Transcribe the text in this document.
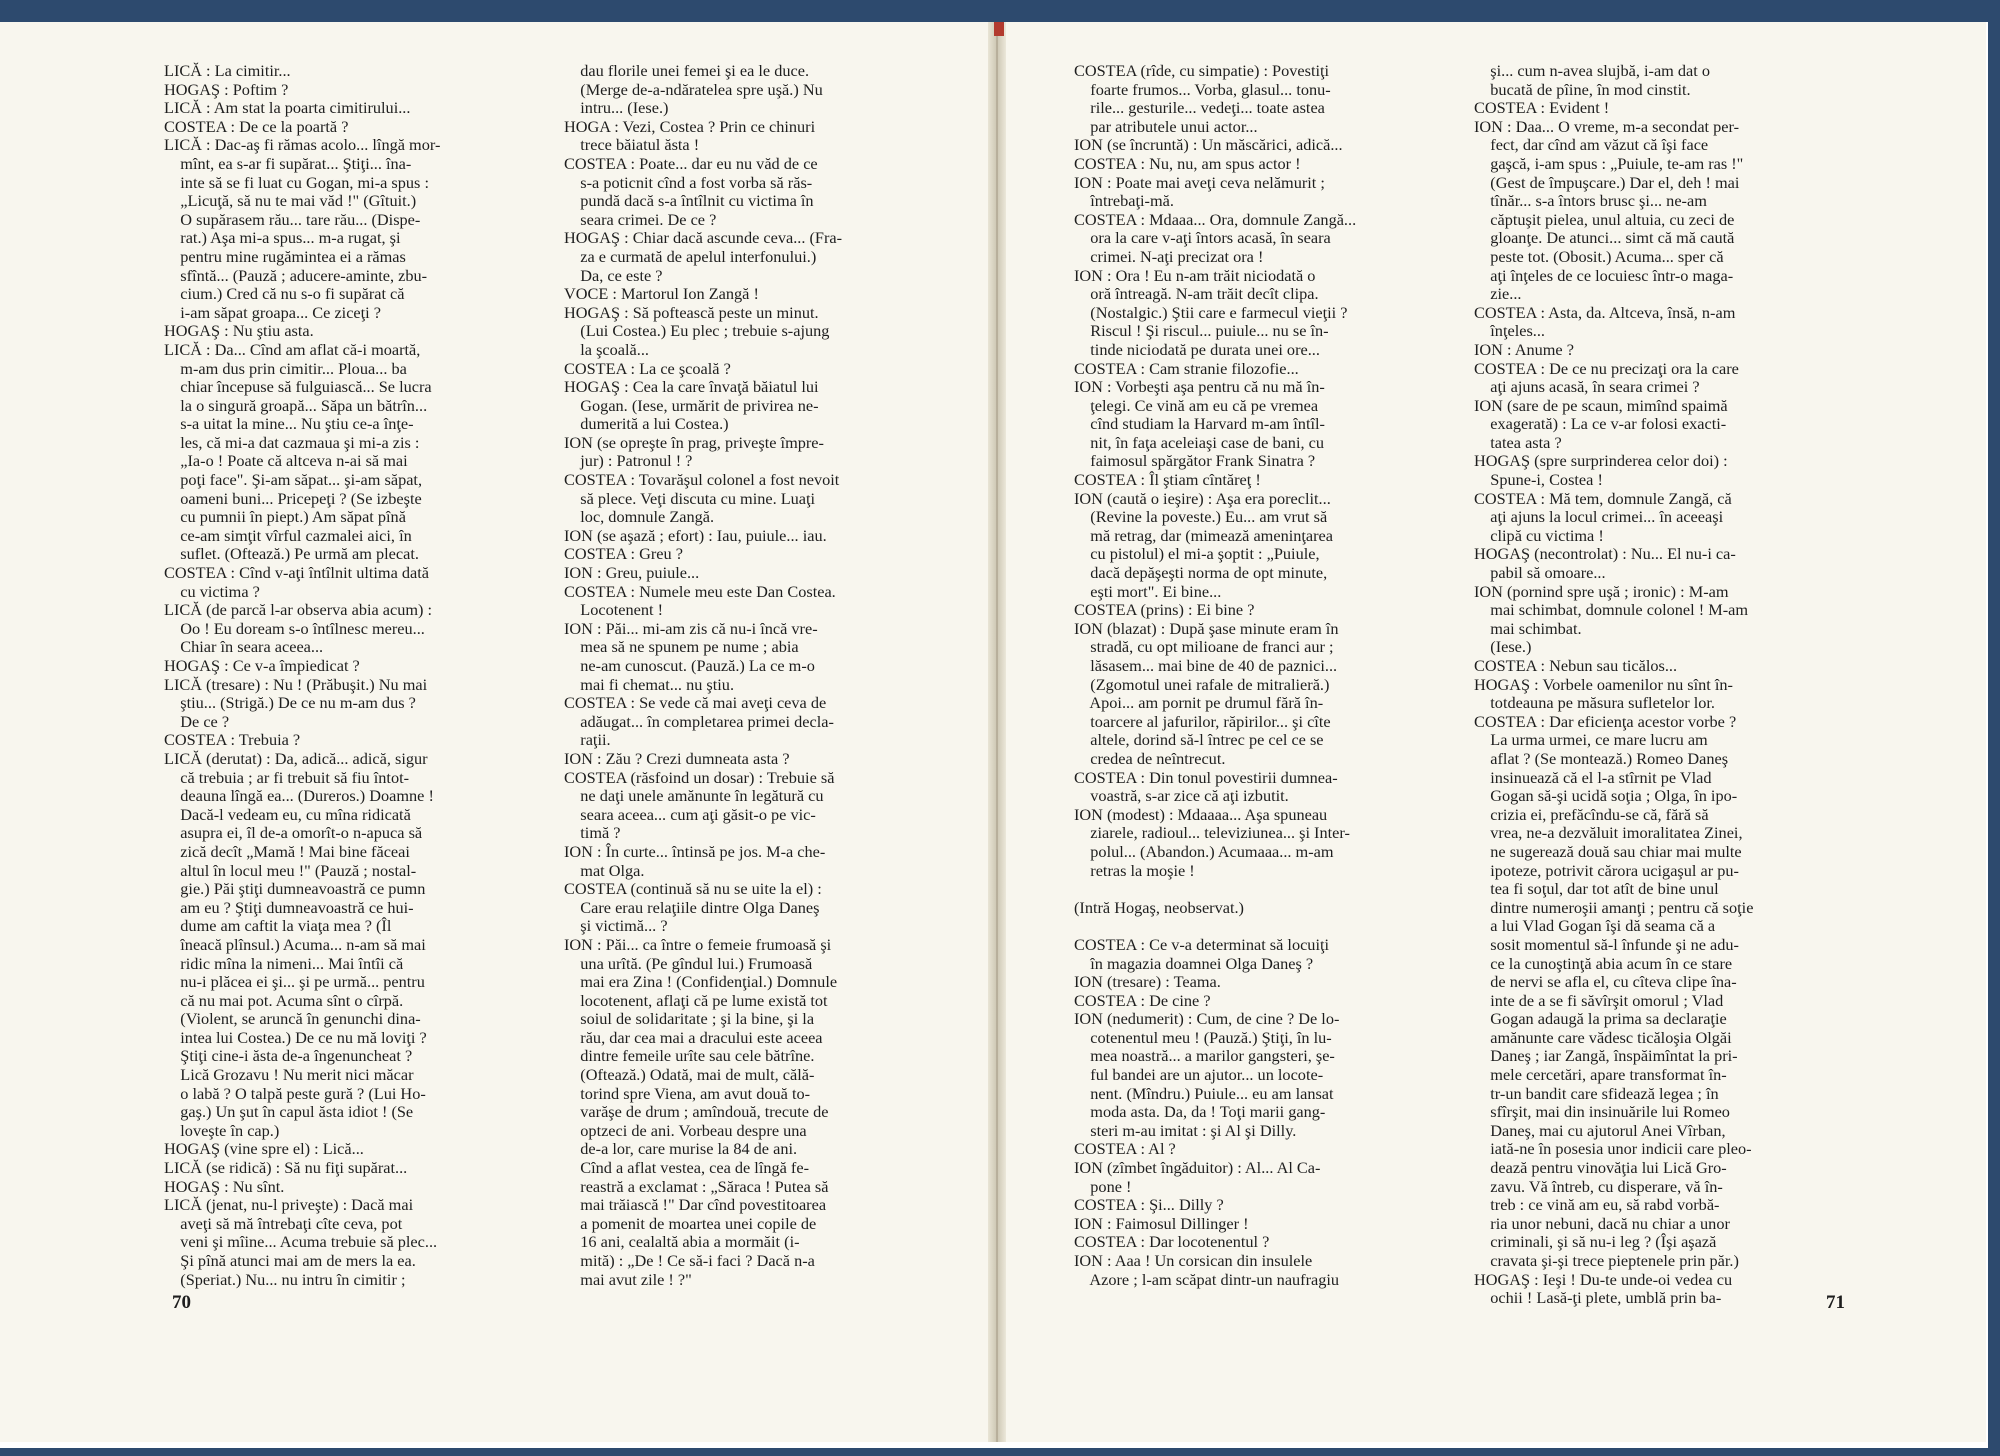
LICĂ : La cimitir...
HOGAŞ : Poftim ?
LICĂ : Am stat la poarta cimitirului...
COSTEA : De ce la poartă ?
LICĂ : Dac-aş fi rămas acolo... lîngă mor-
mînt, ea s-ar fi supărat... Ştiţi... îna-
inte să se fi luat cu Gogan, mi-a spus :
„Licuţă, să nu te mai văd !" (Gîtuit.)
O supărasem rău... tare rău... (Dispe-
rat.) Aşa mi-a spus... m-a rugat, şi
pentru mine rugămintea ei a rămas
sfîntă... (Pauză ; aducere-aminte, zbu-
cium.) Cred că nu s-o fi supărat că
i-am săpat groapa... Ce ziceţi ?
HOGAŞ : Nu ştiu asta.
LICĂ : Da... Cînd am aflat că-i moartă,
m-am dus prin cimitir... Ploua... ba
chiar începuse să fulguiască... Se lucra
la o singură groapă... Săpa un bătrîn...
s-a uitat la mine... Nu ştiu ce-a înţe-
les, că mi-a dat cazmaua şi mi-a zis :
„Ia-o ! Poate că altceva n-ai să mai
poţi face". Şi-am săpat... şi-am săpat,
oameni buni... Pricepeţi ? (Se izbeşte
cu pumnii în piept.) Am săpat pînă
ce-am simţit vîrful cazmalei aici, în
suflet. (Oftează.) Pe urmă am plecat.
COSTEA : Cînd v-aţi întîlnit ultima dată
cu victima ?
LICĂ (de parcă l-ar observa abia acum) :
Oo ! Eu doream s-o întîlnesc mereu...
Chiar în seara aceea...
HOGAŞ : Ce v-a împiedicat ?
LICĂ (tresare) : Nu ! (Prăbuşit.) Nu mai
ştiu... (Strigă.) De ce nu m-am dus ?
De ce ?
COSTEA : Trebuia ?
LICĂ (derutat) : Da, adică... adică, sigur
că trebuia ; ar fi trebuit să fiu întot-
deauna lîngă ea... (Dureros.) Doamne !
Dacă-l vedeam eu, cu mîna ridicată
asupra ei, îl de-a omorît-o n-apuca să
zică decît „Mamă ! Mai bine făceai
altul în locul meu !" (Pauză ; nostal-
gie.) Păi ştiţi dumneavoastră ce pumn
am eu ? Ştiţi dumneavoastră ce hui-
dume am caftit la viaţa mea ? (Îl
îneacă plînsul.) Acuma... n-am să mai
ridic mîna la nimeni... Mai întîi că
nu-i plăcea ei şi... şi pe urmă... pentru
că nu mai pot. Acuma sînt o cîrpă.
(Violent, se aruncă în genunchi dina-
intea lui Costea.) De ce nu mă loviţi ?
Ştiţi cine-i ăsta de-a îngenuncheat ?
Lică Grozavu ! Nu merit nici măcar
o labă ? O talpă peste gură ? (Lui Ho-
gaş.) Un şut în capul ăsta idiot ! (Se
loveşte în cap.)
HOGAŞ (vine spre el) : Lică...
LICĂ (se ridică) : Să nu fiţi supărat...
HOGAŞ : Nu sînt.
LICĂ (jenat, nu-l priveşte) : Dacă mai
aveţi să mă întrebaţi cîte ceva, pot
veni şi mîine... Acuma trebuie să plec...
Şi pînă atunci mai am de mers la ea.
(Speriat.) Nu... nu intru în cimitir ;
dau florile unei femei şi ea le duce.
(Merge de-a-ndăratelea spre uşă.) Nu
intru... (Iese.)
HOGA : Vezi, Costea ? Prin ce chinuri
trece băiatul ăsta !
COSTEA : Poate... dar eu nu văd de ce
s-a poticnit cînd a fost vorba să răs-
pundă dacă s-a întîlnit cu victima în
seara crimei. De ce ?
HOGAŞ : Chiar dacă ascunde ceva... (Fra-
za e curmată de apelul interfonului.)
Da, ce este ?
VOCE : Martorul Ion Zangă !
HOGAŞ : Să poftească peste un minut.
(Lui Costea.) Eu plec ; trebuie s-ajung
la şcoală...
COSTEA : La ce şcoală ?
HOGAŞ : Cea la care învaţă băiatul lui
Gogan. (Iese, urmărit de privirea ne-
dumerită a lui Costea.)
ION (se opreşte în prag, priveşte împre-
jur) : Patronul ! ?
COSTEA : Tovarăşul colonel a fost nevoit
să plece. Veţi discuta cu mine. Luaţi
loc, domnule Zangă.
ION (se aşază ; efort) : Iau, puiule... iau.
COSTEA : Greu ?
ION : Greu, puiule...
COSTEA : Numele meu este Dan Costea.
Locotenent !
ION : Păi... mi-am zis că nu-i încă vre-
mea să ne spunem pe nume ; abia
ne-am cunoscut. (Pauză.) La ce m-o
mai fi chemat... nu ştiu.
COSTEA : Se vede că mai aveţi ceva de
adăugat... în completarea primei decla-
raţii.
ION : Zău ? Crezi dumneata asta ?
COSTEA (răsfoind un dosar) : Trebuie să
ne daţi unele amănunte în legătură cu
seara aceea... cum aţi găsit-o pe vic-
timă ?
ION : În curte... întinsă pe jos. M-a che-
mat Olga.
COSTEA (continuă să nu se uite la el) :
Care erau relaţiile dintre Olga Daneş
şi victimă... ?
ION : Păi... ca între o femeie frumoasă şi
una urîtă. (Pe gîndul lui.) Frumoasă
mai era Zina ! (Confidenţial.) Domnule
locotenent, aflaţi că pe lume există tot
soiul de solidaritate ; şi la bine, şi la
rău, dar cea mai a dracului este aceea
dintre femeile urîte sau cele bătrîne.
(Oftează.) Odată, mai de mult, călă-
torind spre Viena, am avut două to-
varăşe de drum ; amîndouă, trecute de
optzeci de ani. Vorbeau despre una
de-a lor, care murise la 84 de ani.
Cînd a aflat vestea, cea de lîngă fe-
reastră a exclamat : „Săraca ! Putea să
mai trăiască !" Dar cînd povestitoarea
a pomenit de moartea unei copile de
16 ani, cealaltă abia a mormăit (i-
mită) : „De ! Ce să-i faci ? Dacă n-a
mai avut zile ! ?"
COSTEA (rîde, cu simpatie) : Povestiţi
foarte frumos... Vorba, glasul... tonu-
rile... gesturile... vedeţi... toate astea
par atributele unui actor...
ION (se încruntă) : Un măscărici, adică...
COSTEA : Nu, nu, am spus actor !
ION : Poate mai aveţi ceva nelămurit ;
întrebaţi-mă.
COSTEA : Mdaaa... Ora, domnule Zangă...
ora la care v-aţi întors acasă, în seara
crimei. N-aţi precizat ora !
ION : Ora ! Eu n-am trăit niciodată o
oră întreagă. N-am trăit decît clipa.
(Nostalgic.) Ştii care e farmecul vieţii ?
Riscul ! Şi riscul... puiule... nu se în-
tinde niciodată pe durata unei ore...
COSTEA : Cam stranie filozofie...
ION : Vorbeşti aşa pentru că nu mă în-
ţelegi. Ce vină am eu că pe vremea
cînd studiam la Harvard m-am întîl-
nit, în faţa aceleiaşi case de bani, cu
faimosul spărgător Frank Sinatra ?
COSTEA : Îl ştiam cîntăreţ !
ION (caută o ieşire) : Aşa era poreclit...
(Revine la poveste.) Eu... am vrut să
mă retrag, dar (mimează ameninţarea
cu pistolul) el mi-a şoptit : „Puiule,
dacă depăşeşti norma de opt minute,
eşti mort". Ei bine...
COSTEA (prins) : Ei bine ?
ION (blazat) : După şase minute eram în
stradă, cu opt milioane de franci aur ;
lăsasem... mai bine de 40 de paznici...
(Zgomotul unei rafale de mitralieră.)
Apoi... am pornit pe drumul fără în-
toarcere al jafurilor, răpirilor... şi cîte
altele, dorind să-l întrec pe cel ce se
credea de neîntrecut.
COSTEA : Din tonul povestirii dumnea-
voastră, s-ar zice că aţi izbutit.
ION (modest) : Mdaaaa... Aşa spuneau
ziarele, radioul... televiziunea... şi Inter-
polul... (Abandon.) Acumaaa... m-am
retras la moşie !

(Intră Hogaş, neobservat.)

COSTEA : Ce v-a determinat să locuiţi
în magazia doamnei Olga Daneş ?
ION (tresare) : Teama.
COSTEA : De cine ?
ION (nedumerit) : Cum, de cine ? De lo-
cotenentul meu ! (Pauză.) Ştiţi, în lu-
mea noastră... a marilor gangsteri, şe-
ful bandei are un ajutor... un locote-
nent. (Mîndru.) Puiule... eu am lansat
moda asta. Da, da ! Toţi marii gang-
steri m-au imitat : şi Al şi Dilly.
COSTEA : Al ?
ION (zîmbet îngăduitor) : Al... Al Ca-
pone !
COSTEA : Şi... Dilly ?
ION : Faimosul Dillinger !
COSTEA : Dar locotenentul ?
ION : Aaa ! Un corsican din insulele
Azore ; l-am scăpat dintr-un naufragiu
şi... cum n-avea slujbă, i-am dat o
bucată de pîine, în mod cinstit.
COSTEA : Evident !
ION : Daa... O vreme, m-a secondat per-
fect, dar cînd am văzut că îşi face
gaşcă, i-am spus : „Puiule, te-am ras !"
(Gest de împuşcare.) Dar el, deh ! mai
tînăr... s-a întors brusc şi... ne-am
căptuşit pielea, unul altuia, cu zeci de
gloanţe. De atunci... simt că mă caută
peste tot. (Obosit.) Acuma... sper că
aţi înţeles de ce locuiesc într-o maga-
zie...
COSTEA : Asta, da. Altceva, însă, n-am
înţeles...
ION : Anume ?
COSTEA : De ce nu precizaţi ora la care
aţi ajuns acasă, în seara crimei ?
ION (sare de pe scaun, mimînd spaimă
exagerată) : La ce v-ar folosi exacti-
tatea asta ?
HOGAŞ (spre surprinderea celor doi) :
Spune-i, Costea !
COSTEA : Mă tem, domnule Zangă, că
aţi ajuns la locul crimei... în aceeaşi
clipă cu victima !
HOGAŞ (necontrolat) : Nu... El nu-i ca-
pabil să omoare...
ION (pornind spre uşă ; ironic) : M-am
mai schimbat, domnule colonel ! M-am
mai schimbat.
(Iese.)
COSTEA : Nebun sau ticălos...
HOGAŞ : Vorbele oamenilor nu sînt în-
totdeauna pe măsura sufletelor lor.
COSTEA : Dar eficienţa acestor vorbe ?
La urma urmei, ce mare lucru am
aflat ? (Se montează.) Romeo Daneş
insinuează că el l-a stîrnit pe Vlad
Gogan să-şi ucidă soţia ; Olga, în ipo-
crizia ei, prefăcîndu-se că, fără să
vrea, ne-a dezvăluit imoralitatea Zinei,
ne sugerează două sau chiar mai multe
ipoteze, potrivit cărora ucigaşul ar pu-
tea fi soţul, dar tot atît de bine unul
dintre numeroşii amanţi ; pentru că soţie
a lui Vlad Gogan îşi dă seama că a
sosit momentul să-l înfunde şi ne adu-
ce la cunoştinţă abia acum în ce stare
de nervi se afla el, cu cîteva clipe îna-
inte de a se fi săvîrşit omorul ; Vlad
Gogan adaugă la prima sa declaraţie
amănunte care vădesc ticăloşia Olgăi
Daneş ; iar Zangă, înspăimîntat la pri-
mele cercetări, apare transformat în-
tr-un bandit care sfidează legea ; în
sfîrşit, mai din insinuările lui Romeo
Daneş, mai cu ajutorul Anei Vîrban,
iată-ne în posesia unor indicii care pleo-
dează pentru vinovăţia lui Lică Gro-
zavu. Vă întreb, cu disperare, vă în-
treb : ce vină am eu, să rabd vorbă-
ria unor nebuni, dacă nu chiar a unor
criminali, şi să nu-i leg ? (Îşi aşază
cravata şi-şi trece pieptenele prin păr.)
HOGAŞ : Ieşi ! Du-te unde-oi vedea cu
ochii ! Lasă-ţi plete, umblă prin ba-
70	71
